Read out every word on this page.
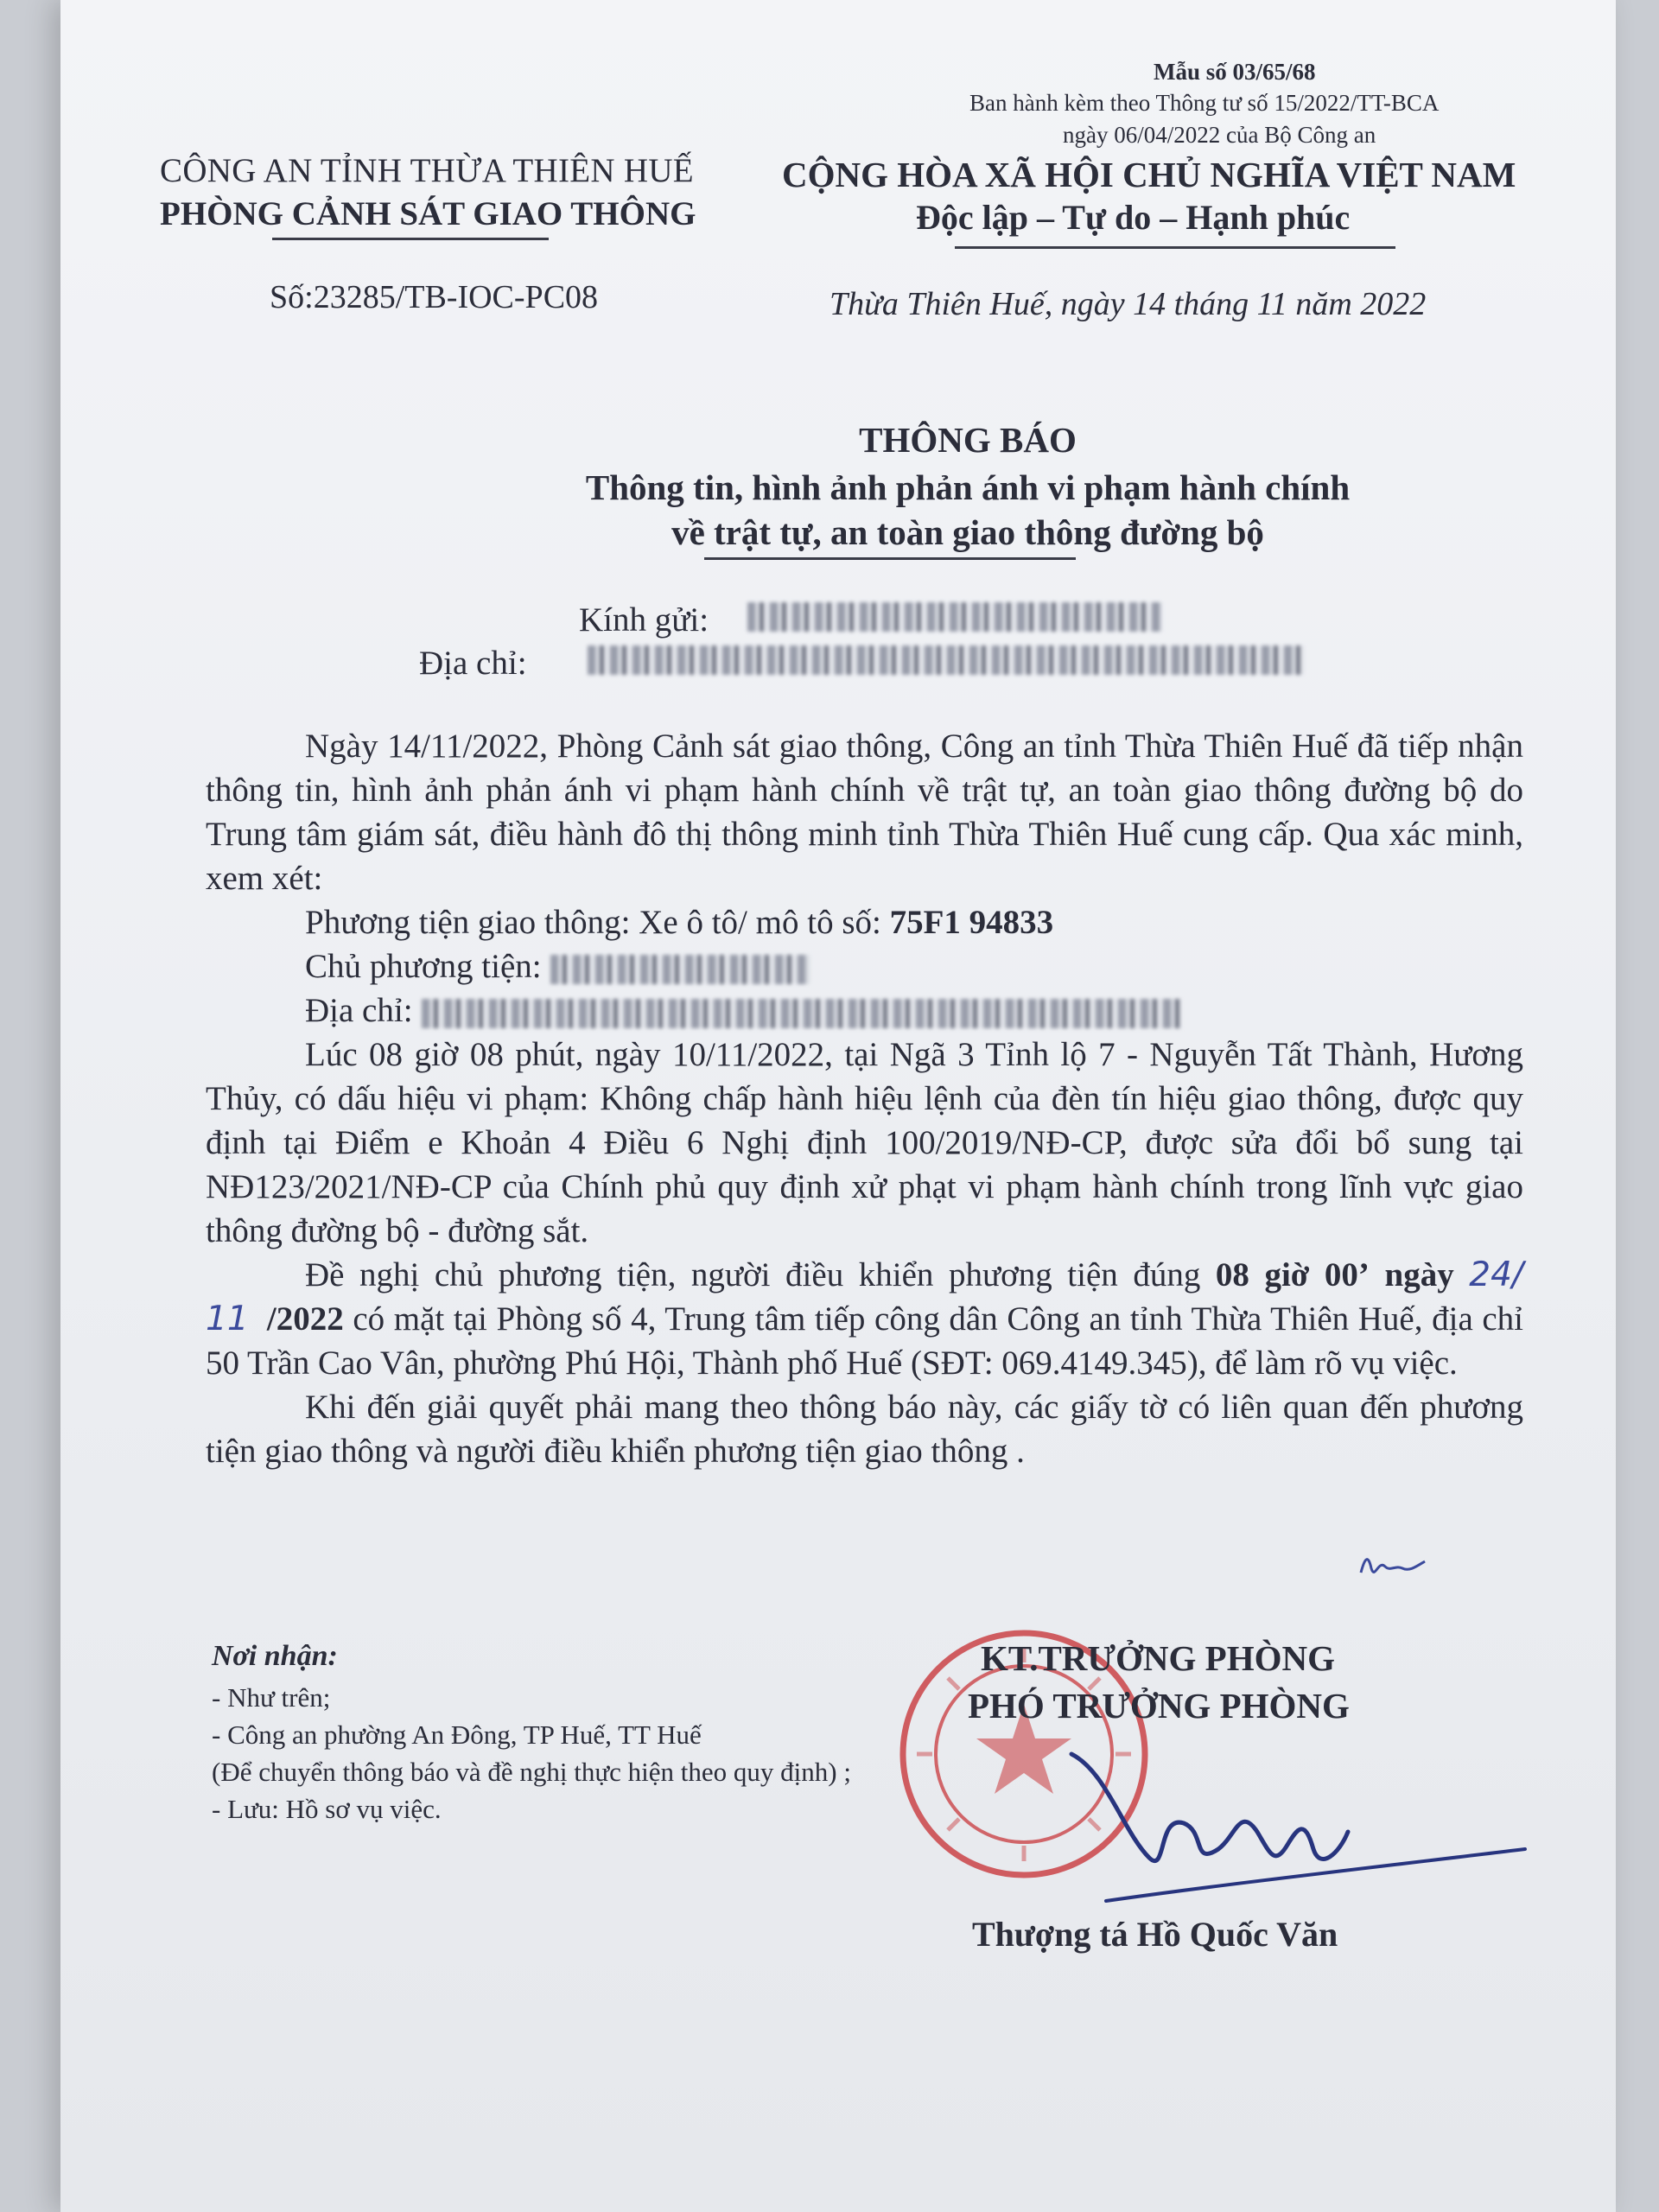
Mẫu số 03/65/68
Ban hành kèm theo Thông tư số 15/2022/TT-BCA
ngày 06/04/2022 của Bộ Công an
CÔNG AN TỈNH THỪA THIÊN HUẾ
PHÒNG CẢNH SÁT GIAO THÔNG
Số:23285/TB-IOC-PC08
CỘNG HÒA XÃ HỘI CHỦ NGHĨA VIỆT NAM
Độc lập – Tự do – Hạnh phúc
Thừa Thiên Huế, ngày 14 tháng 11 năm 2022
THÔNG BÁO
Thông tin, hình ảnh phản ánh vi phạm hành chính
về trật tự, an toàn giao thông đường bộ
Kính gửi:
Địa chỉ:

Ngày 14/11/2022, Phòng Cảnh sát giao thông, Công an tỉnh Thừa Thiên Huế đã tiếp nhận thông tin, hình ảnh phản ánh vi phạm hành chính về trật tự, an toàn giao thông đường bộ do Trung tâm giám sát, điều hành đô thị thông minh tỉnh Thừa Thiên Huế cung cấp. Qua xác minh, xem xét:

Phương tiện giao thông: Xe ô tô/ mô tô số: 75F1 94833

Chủ phương tiện:

Địa chỉ:

Lúc 08 giờ 08 phút, ngày 10/11/2022, tại Ngã 3 Tỉnh lộ 7 - Nguyễn Tất Thành, Hương Thủy, có dấu hiệu vi phạm: Không chấp hành hiệu lệnh của đèn tín hiệu giao thông, được quy định tại Điểm e Khoản 4 Điều 6 Nghị định 100/2019/NĐ-CP, được sửa đổi bổ sung tại NĐ123/2021/NĐ-CP của Chính phủ quy định xử phạt vi phạm hành chính trong lĩnh vực giao thông đường bộ - đường sắt.

Đề nghị chủ phương tiện, người điều khiển phương tiện đúng 08 giờ 00’ ngày 24/ 11 /2022 có mặt tại Phòng số 4, Trung tâm tiếp công dân Công an tỉnh Thừa Thiên Huế, địa chỉ 50 Trần Cao Vân, phường Phú Hội, Thành phố Huế (SĐT: 069.4149.345), để làm rõ vụ việc.

Khi đến giải quyết phải mang theo thông báo này, các giấy tờ có liên quan đến phương tiện giao thông và người điều khiển phương tiện giao thông .

Nơi nhận:
- Như trên;
- Công an phường An Đông, TP Huế, TT Huế
(Để chuyển thông báo và đề nghị thực hiện theo quy định) ;
- Lưu: Hồ sơ vụ việc.
KT.TRƯỞNG PHÒNG
PHÓ TRƯỞNG PHÒNG
Thượng tá Hồ Quốc Văn
